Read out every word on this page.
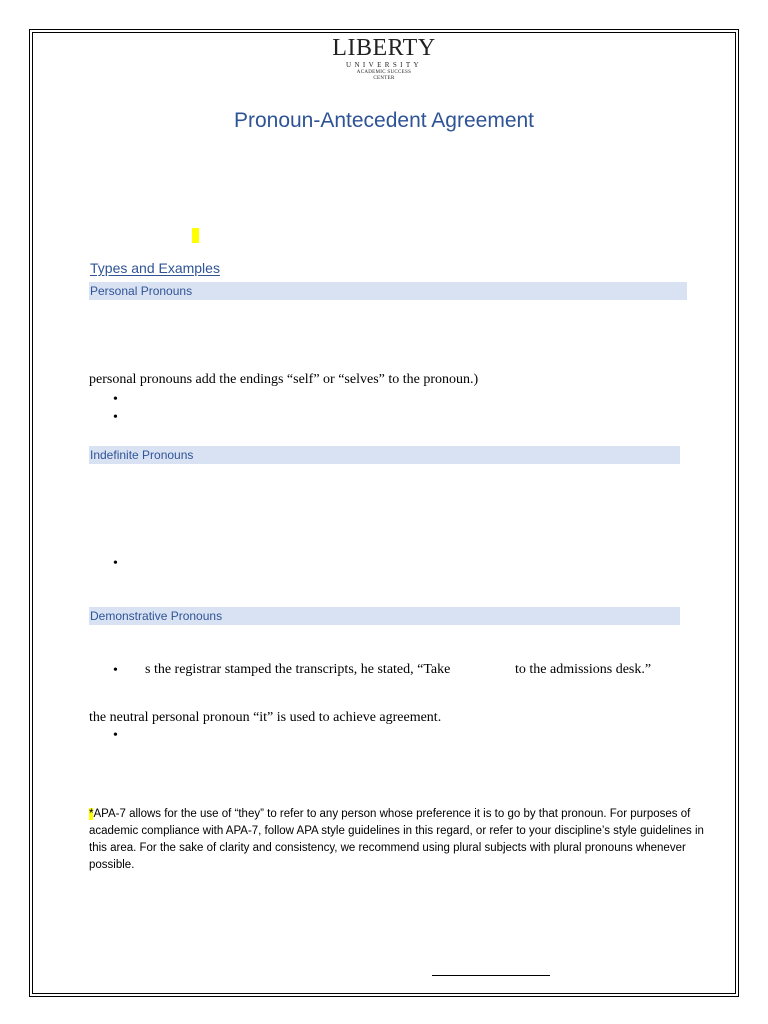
LIBERTY
UNIVERSITY
ACADEMIC SUCCESS
CENTER
Pronoun-Antecedent Agreement
Types and Examples
Personal Pronouns
personal pronouns add the endings “self” or “selves” to the pronoun.)
•
•
Indefinite Pronouns
•
Demonstrative Pronouns
• s the registrar stamped the transcripts, he stated, “Take	to the admissions desk.”
the neutral personal pronoun “it” is used to achieve agreement.
•
*APA-7 allows for the use of “they” to refer to any person whose preference it is to go by that pronoun. For purposes of academic compliance with APA-7, follow APA style guidelines in this regard, or refer to your discipline’s style guidelines in this area. For the sake of clarity and consistency, we recommend using plural subjects with plural pronouns whenever possible.
